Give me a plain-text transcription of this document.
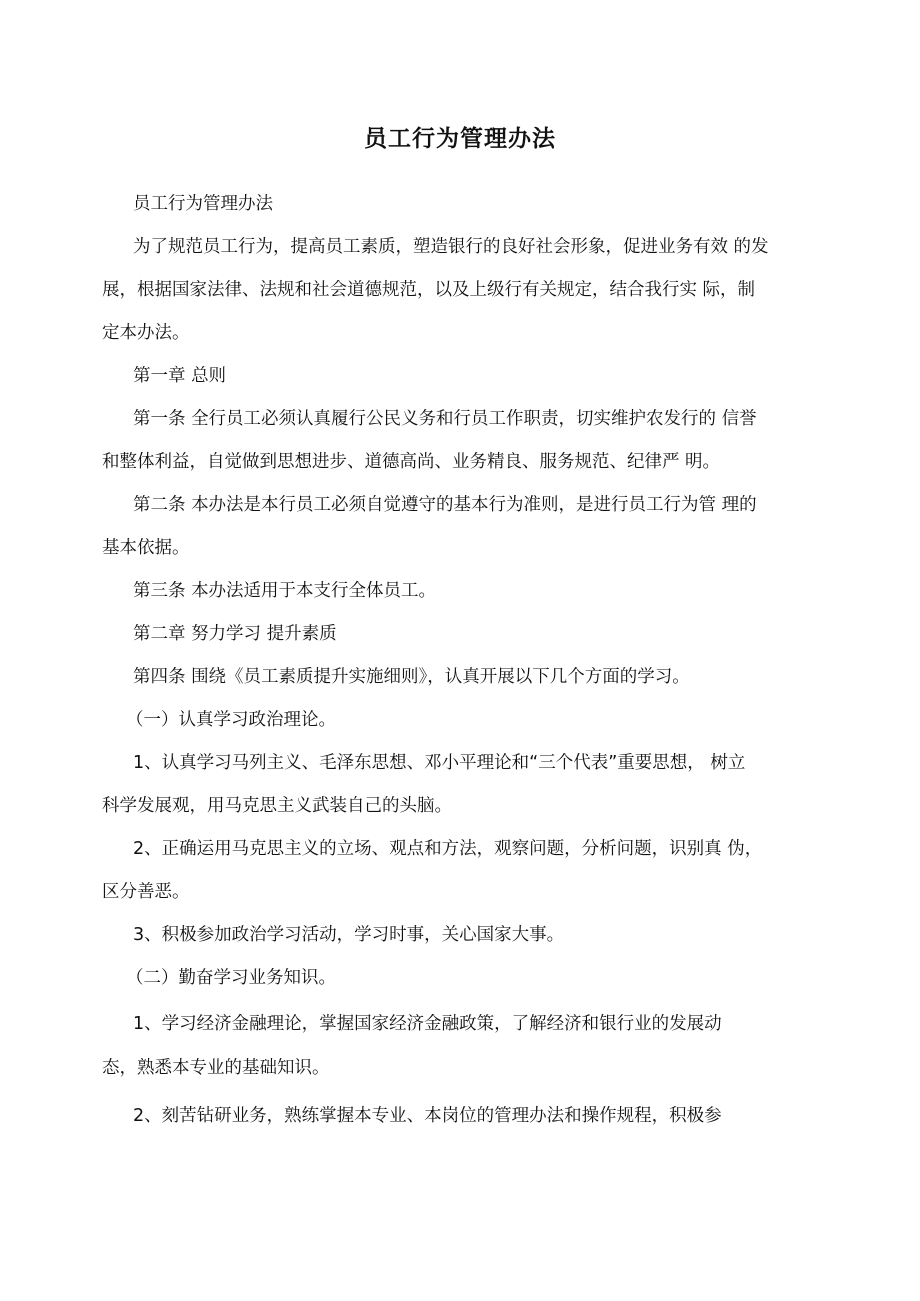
员工行为管理办法
员工行为管理办法
为了规范员工行为，提高员工素质，塑造银行的良好社会形象，促进业务有效 的发
展，根据国家法律、法规和社会道德规范，以及上级行有关规定，结合我行实 际，制
定本办法。
第一章 总则
第一条 全行员工必须认真履行公民义务和行员工作职责，切实维护农发行的 信誉
和整体利益，自觉做到思想进步、道德高尚、业务精良、服务规范、纪律严 明。
第二条 本办法是本行员工必须自觉遵守的基本行为准则，是进行员工行为管 理的
基本依据。
第三条 本办法适用于本支行全体员工。
第二章 努力学习 提升素质
第四条 围绕《员工素质提升实施细则》，认真开展以下几个方面的学习。
（一）认真学习政治理论。
1、认真学习马列主义、毛泽东思想、邓小平理论和“三个代表”重要思想， 树立
科学发展观，用马克思主义武装自己的头脑。
2、正确运用马克思主义的立场、观点和方法，观察问题，分析问题，识别真 伪，
区分善恶。
3、积极参加政治学习活动，学习时事，关心国家大事。
（二）勤奋学习业务知识。
1、学习经济金融理论，掌握国家经济金融政策，了解经济和银行业的发展动
态，熟悉本专业的基础知识。
2、刻苦钻研业务，熟练掌握本专业、本岗位的管理办法和操作规程，积极参
